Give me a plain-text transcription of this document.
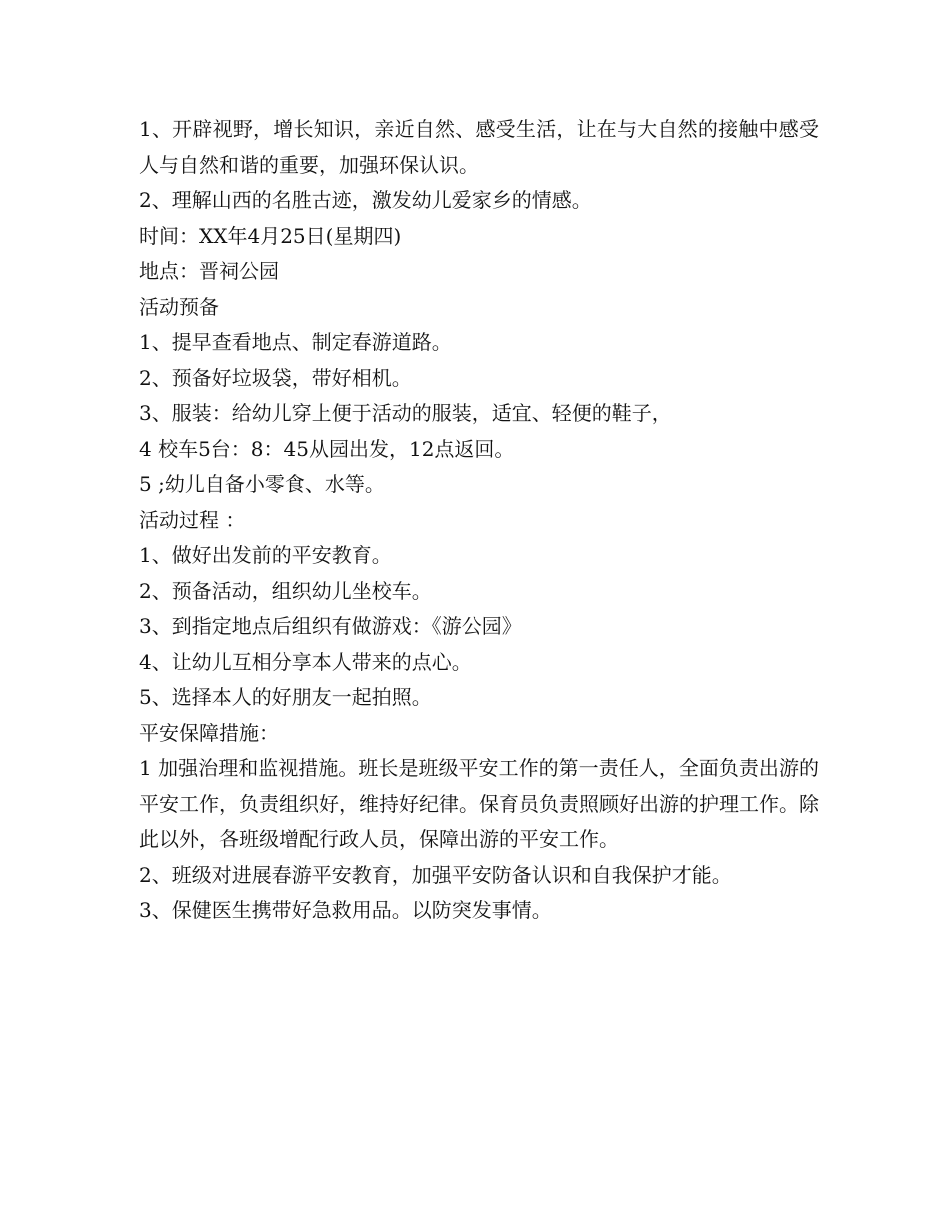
1、开辟视野，增长知识，亲近自然、感受生活，让在与大自然的接触中感受人与自然和谐的重要，加强环保认识。

2、理解山西的名胜古迹，激发幼儿爱家乡的情感。

时间：XX年4月25日(星期四)

地点：晋祠公园

活动预备

1、提早查看地点、制定春游道路。

2、预备好垃圾袋，带好相机。

3、服装：给幼儿穿上便于活动的服装，适宜、轻便的鞋子，

4 校车5台：8：45从园出发，12点返回。

5 ;幼儿自备小零食、水等。

活动过程 ：

1、做好出发前的平安教育。

2、预备活动，组织幼儿坐校车。

3、到指定地点后组织有做游戏：《游公园》

4、让幼儿互相分享本人带来的点心。

5、选择本人的好朋友一起拍照。

平安保障措施：

1 加强治理和监视措施。班长是班级平安工作的第一责任人，全面负责出游的平安工作，负责组织好，维持好纪律。保育员负责照顾好出游的护理工作。除此以外，各班级增配行政人员，保障出游的平安工作。

2、班级对进展春游平安教育，加强平安防备认识和自我保护才能。

3、保健医生携带好急救用品。以防突发事情。
